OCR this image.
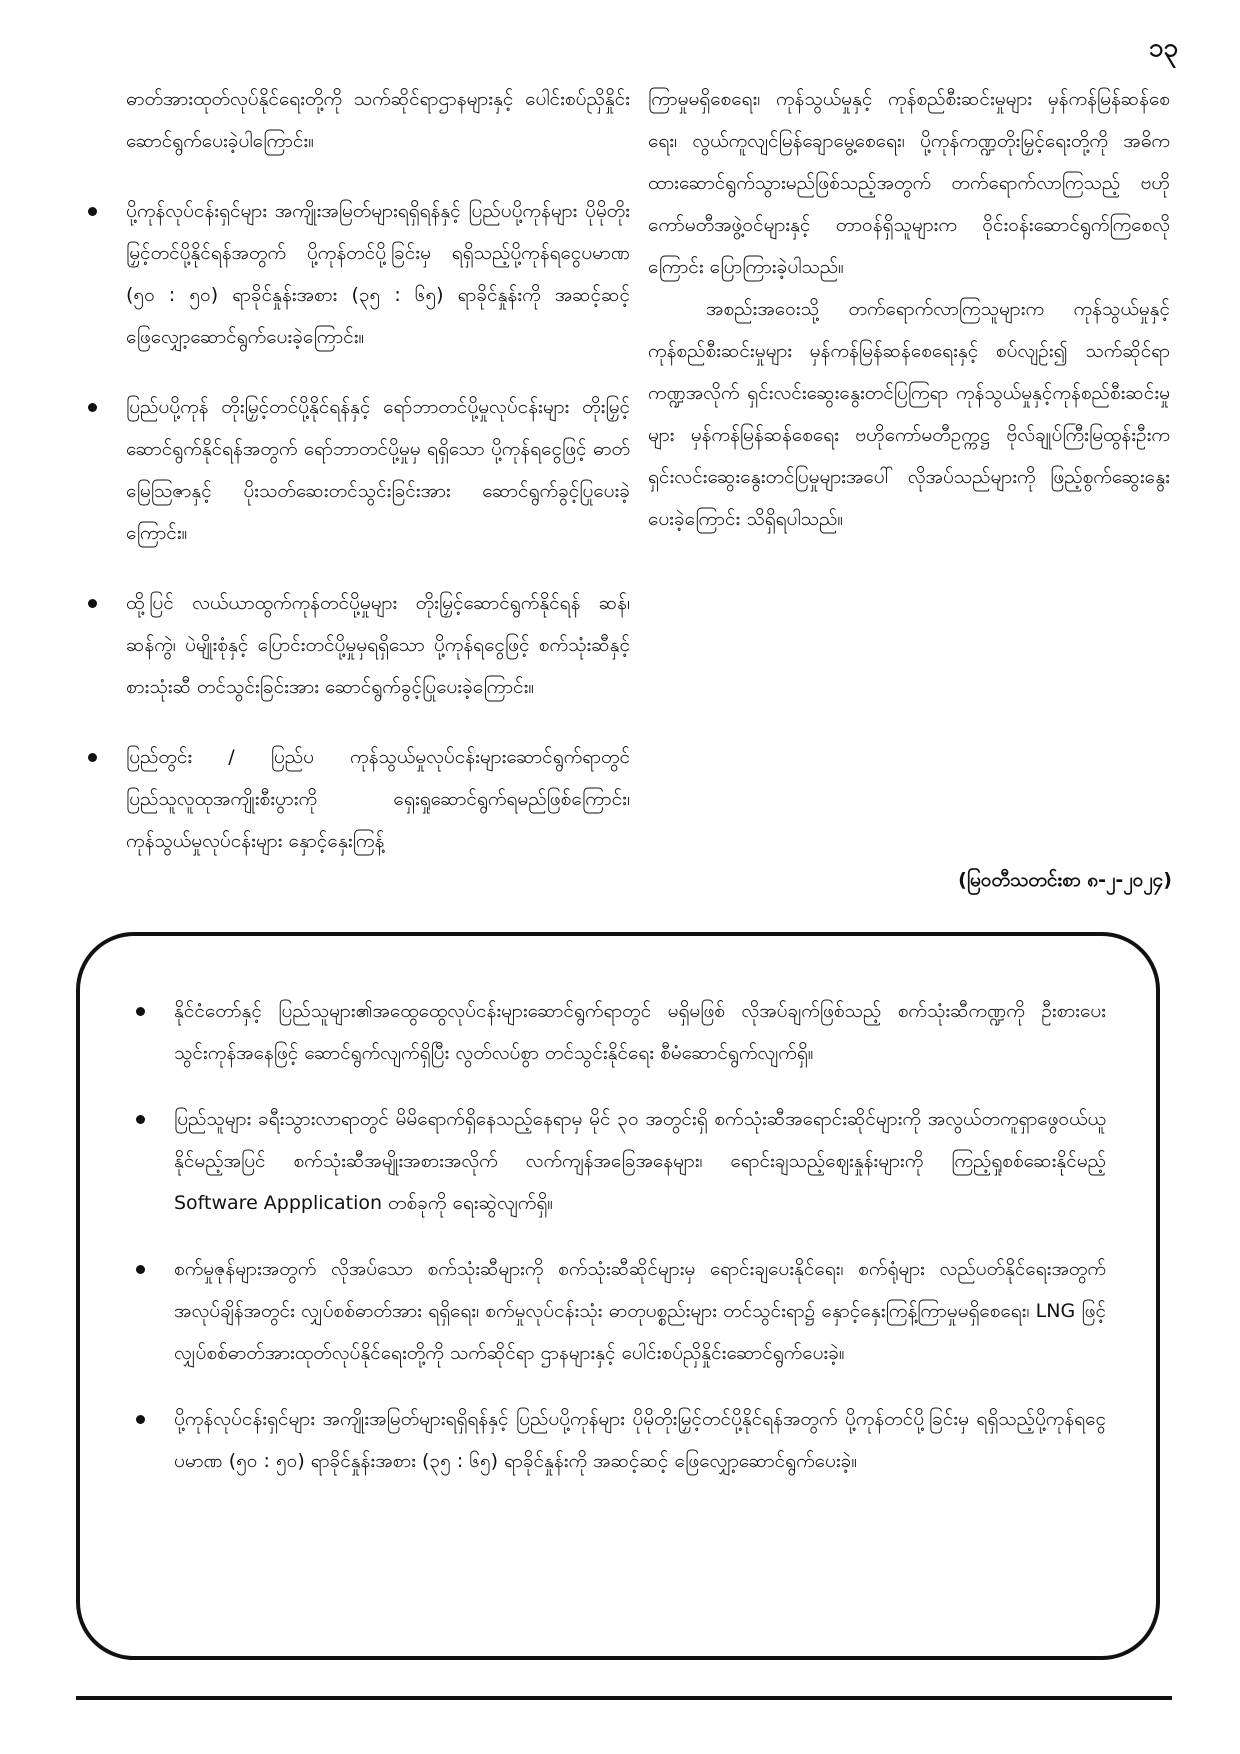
၁၃

ဓာတ်အားထုတ်လုပ်နိုင်ရေးတို့ကို သက်ဆိုင်ရာဌာနများနှင့် ပေါင်းစပ်ညှိနှိုင်းဆောင်ရွက်ပေးခဲ့ပါကြောင်း။

ပို့ကုန်လုပ်ငန်းရှင်များ အကျိုးအမြတ်များရရှိရန်နှင့် ပြည်ပပို့ကုန်များ ပိုမိုတိုးမြှင့်တင်ပို့နိုင်ရန်အတွက် ပို့ကုန်တင်ပို့ခြင်းမှ ရရှိသည့်ပို့ကုန်ရငွေပမာဏ (၅၀ : ၅၀) ရာခိုင်နှုန်းအစား (၃၅ : ၆၅) ရာခိုင်နှုန်းကို အဆင့်ဆင့် ဖြေလျှော့ဆောင်ရွက်ပေးခဲ့ကြောင်း။

ပြည်ပပို့ကုန် တိုးမြှင့်တင်ပို့နိုင်ရန်နှင့် ရော်ဘာတင်ပို့မှုလုပ်ငန်းများ တိုးမြှင့်ဆောင်ရွက်နိုင်ရန်အတွက် ရော်ဘာတင်ပို့မှုမှ ရရှိသော ပို့ကုန်ရငွေဖြင့် ဓာတ်မြေသြဇာနှင့် ပိုးသတ်ဆေးတင်သွင်းခြင်းအား ဆောင်ရွက်ခွင့်ပြုပေးခဲ့ကြောင်း။

ထို့ပြင် လယ်ယာထွက်ကုန်တင်ပို့မှုများ တိုးမြှင့်ဆောင်ရွက်နိုင်ရန် ဆန်၊ ဆန်ကွဲ၊ ပဲမျိုးစုံနှင့် ပြောင်းတင်ပို့မှုမှရရှိသော ပို့ကုန်ရငွေဖြင့် စက်သုံးဆီနှင့် စားသုံးဆီ တင်သွင်းခြင်းအား ဆောင်ရွက်ခွင့်ပြုပေးခဲ့ကြောင်း။

ပြည်တွင်း / ပြည်ပ ကုန်သွယ်မှုလုပ်ငန်းများဆောင်ရွက်ရာတွင် ပြည်သူလူထုအကျိုးစီးပွားကို ရှေးရှုဆောင်ရွက်ရမည်ဖြစ်ကြောင်း၊ ကုန်သွယ်မှုလုပ်ငန်းများ နှောင့်နှေးကြန့်

ကြာမှုမရှိစေရေး၊ ကုန်သွယ်မှုနှင့် ကုန်စည်စီးဆင်းမှုများ မှန်ကန်မြန်ဆန်စေရေး၊ လွယ်ကူလျင်မြန်ချောမွေ့စေရေး၊ ပို့ကုန်ကဏ္ဍတိုးမြှင့်ရေးတို့ကို အဓိကထားဆောင်ရွက်သွားမည်ဖြစ်သည့်အတွက် တက်ရောက်လာကြသည့် ဗဟိုကော်မတီအဖွဲ့ဝင်များနှင့် တာဝန်ရှိသူများက ဝိုင်းဝန်းဆောင်ရွက်ကြစေလိုကြောင်း ပြောကြားခဲ့ပါသည်။

အစည်းအဝေးသို့ တက်ရောက်လာကြသူများက ကုန်သွယ်မှုနှင့် ကုန်စည်စီးဆင်းမှုများ မှန်ကန်မြန်ဆန်စေရေးနှင့် စပ်လျဉ်း၍ သက်ဆိုင်ရာကဏ္ဍအလိုက် ရှင်းလင်းဆွေးနွေးတင်ပြကြရာ ကုန်သွယ်မှုနှင့်ကုန်စည်စီးဆင်းမှုများ မှန်ကန်မြန်ဆန်စေရေး ဗဟိုကော်မတီဥက္ကဋ္ဌ ဗိုလ်ချုပ်ကြီးမြထွန်းဦးက ရှင်းလင်းဆွေးနွေးတင်ပြမှုများအပေါ် လိုအပ်သည်များကို ဖြည့်စွက်ဆွေးနွေးပေးခဲ့ကြောင်း သိရှိရပါသည်။

(မြဝတီသတင်းစာ ၈-၂-၂၀၂၄)
နိုင်ငံတော်နှင့် ပြည်သူများ၏အထွေထွေလုပ်ငန်းများဆောင်ရွက်ရာတွင် မရှိမဖြစ် လိုအပ်ချက်ဖြစ်သည့် စက်သုံးဆီကဏ္ဍကို ဦးစားပေးသွင်းကုန်အနေဖြင့် ဆောင်ရွက်လျက်ရှိပြီး လွတ်လပ်စွာ တင်သွင်းနိုင်ရေး စီမံဆောင်ရွက်လျက်ရှိ။
ပြည်သူများ ခရီးသွားလာရာတွင် မိမိရောက်ရှိနေသည့်နေရာမှ မိုင် ၃၀ အတွင်းရှိ စက်သုံးဆီအရောင်းဆိုင်များကို အလွယ်တကူရှာဖွေဝယ်ယူနိုင်မည့်အပြင် စက်သုံးဆီအမျိုးအစားအလိုက် လက်ကျန်အခြေအနေများ၊ ရောင်းချသည့်ဈေးနှုန်းများကို ကြည့်ရှုစစ်ဆေးနိုင်မည့် Software Appplication တစ်ခုကို ရေးဆွဲလျက်ရှိ။
စက်မှုဇုန်များအတွက် လိုအပ်သော စက်သုံးဆီများကို စက်သုံးဆီဆိုင်များမှ ရောင်းချပေးနိုင်ရေး၊ စက်ရုံများ လည်ပတ်နိုင်ရေးအတွက် အလုပ်ချိန်အတွင်း လျှပ်စစ်ဓာတ်အား ရရှိရေး၊ စက်မှုလုပ်ငန်းသုံး ဓာတုပစ္စည်းများ တင်သွင်းရာ၌ နှောင့်နှေးကြန့်ကြာမှုမရှိစေရေး၊ LNG ဖြင့် လျှပ်စစ်ဓာတ်အားထုတ်လုပ်နိုင်ရေးတို့ကို သက်ဆိုင်ရာ ဌာနများနှင့် ပေါင်းစပ်ညှိနှိုင်းဆောင်ရွက်ပေးခဲ့။
ပို့ကုန်လုပ်ငန်းရှင်များ အကျိုးအမြတ်များရရှိရန်နှင့် ပြည်ပပို့ကုန်များ ပိုမိုတိုးမြှင့်တင်ပို့နိုင်ရန်အတွက် ပို့ကုန်တင်ပို့ခြင်းမှ ရရှိသည့်ပို့ကုန်ရငွေပမာဏ (၅၀ : ၅၀) ရာခိုင်နှုန်းအစား (၃၅ : ၆၅) ရာခိုင်နှုန်းကို အဆင့်ဆင့် ဖြေလျှော့ဆောင်ရွက်ပေးခဲ့။
